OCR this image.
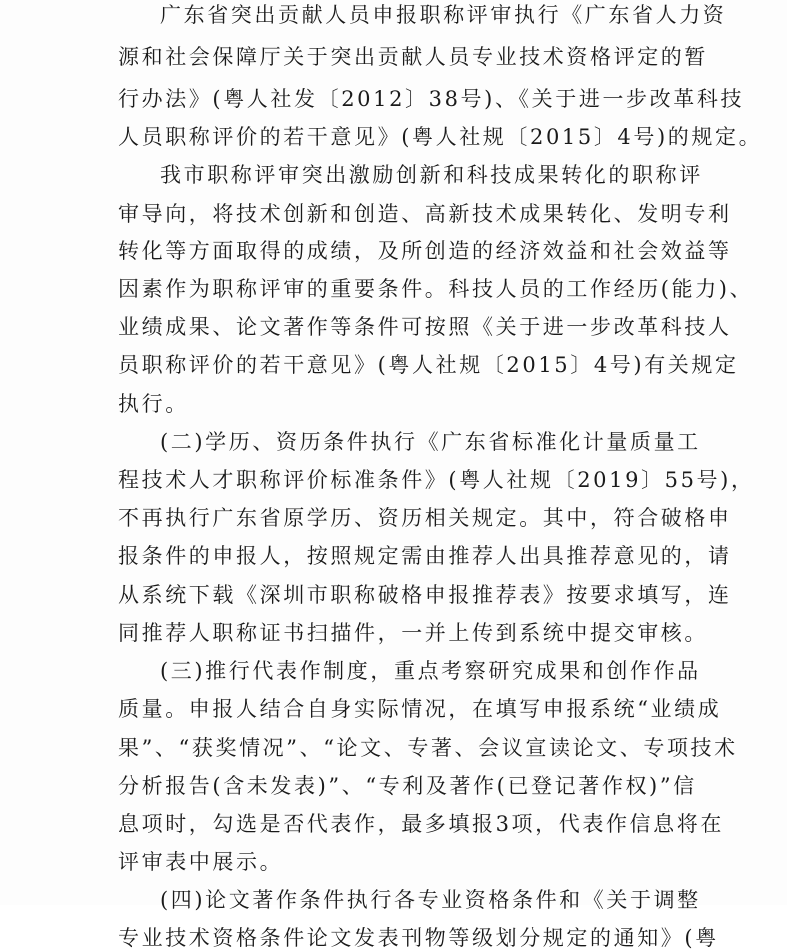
广东省突出贡献人员申报职称评审执行《广东省人力资
源和社会保障厅关于突出贡献人员专业技术资格评定的暂
行办法》(粤人社发〔2012〕38号)、《关于进一步改革科技
人员职称评价的若干意见》(粤人社规〔2015〕4号)的规定。
我市职称评审突出激励创新和科技成果转化的职称评
审导向，将技术创新和创造、高新技术成果转化、发明专利
转化等方面取得的成绩，及所创造的经济效益和社会效益等
因素作为职称评审的重要条件。科技人员的工作经历(能力)、
业绩成果、论文著作等条件可按照《关于进一步改革科技人
员职称评价的若干意见》(粤人社规〔2015〕4号)有关规定
执行。
(二)学历、资历条件执行《广东省标准化计量质量工
程技术人才职称评价标准条件》(粤人社规〔2019〕55号)，
不再执行广东省原学历、资历相关规定。其中，符合破格申
报条件的申报人，按照规定需由推荐人出具推荐意见的，请
从系统下载《深圳市职称破格申报推荐表》按要求填写，连
同推荐人职称证书扫描件，一并上传到系统中提交审核。
(三)推行代表作制度，重点考察研究成果和创作作品
质量。申报人结合自身实际情况，在填写申报系统“业绩成
果”、“获奖情况”、“论文、专著、会议宣读论文、专项技术
分析报告(含未发表)”、“专利及著作(已登记著作权)”信
息项时，勾选是否代表作，最多填报3项，代表作信息将在
评审表中展示。
(四)论文著作条件执行各专业资格条件和《关于调整
专业技术资格条件论文发表刊物等级划分规定的通知》(粤
